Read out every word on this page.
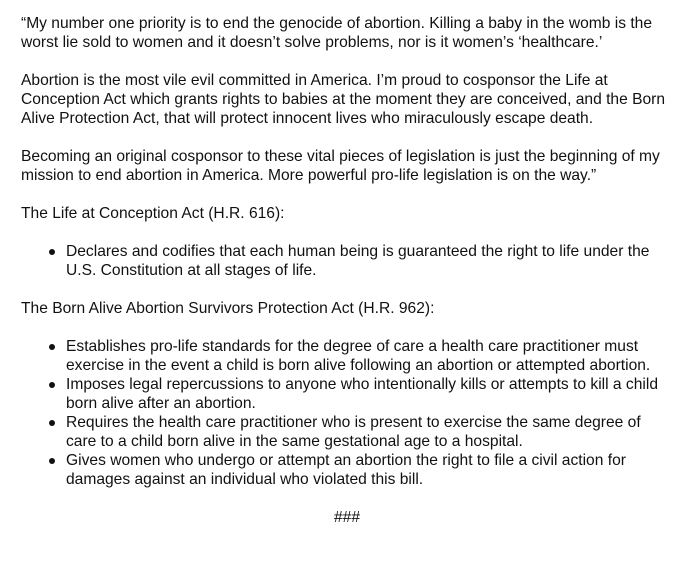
“My number one priority is to end the genocide of abortion. Killing a baby in the womb is the worst lie sold to women and it doesn’t solve problems, nor is it women’s ‘healthcare.’

Abortion is the most vile evil committed in America. I’m proud to cosponsor the Life at Conception Act which grants rights to babies at the moment they are conceived, and the Born Alive Protection Act, that will protect innocent lives who miraculously escape death.

Becoming an original cosponsor to these vital pieces of legislation is just the beginning of my mission to end abortion in America. More powerful pro-life legislation is on the way.”

The Life at Conception Act (H.R. 616):

Declares and codifies that each human being is guaranteed the right to life under the U.S. Constitution at all stages of life.

The Born Alive Abortion Survivors Protection Act (H.R. 962):

Establishes pro-life standards for the degree of care a health care practitioner must exercise in the event a child is born alive following an abortion or attempted abortion.
Imposes legal repercussions to anyone who intentionally kills or attempts to kill a child born alive after an abortion.
Requires the health care practitioner who is present to exercise the same degree of care to a child born alive in the same gestational age to a hospital.
Gives women who undergo or attempt an abortion the right to file a civil action for damages against an individual who violated this bill.

###
